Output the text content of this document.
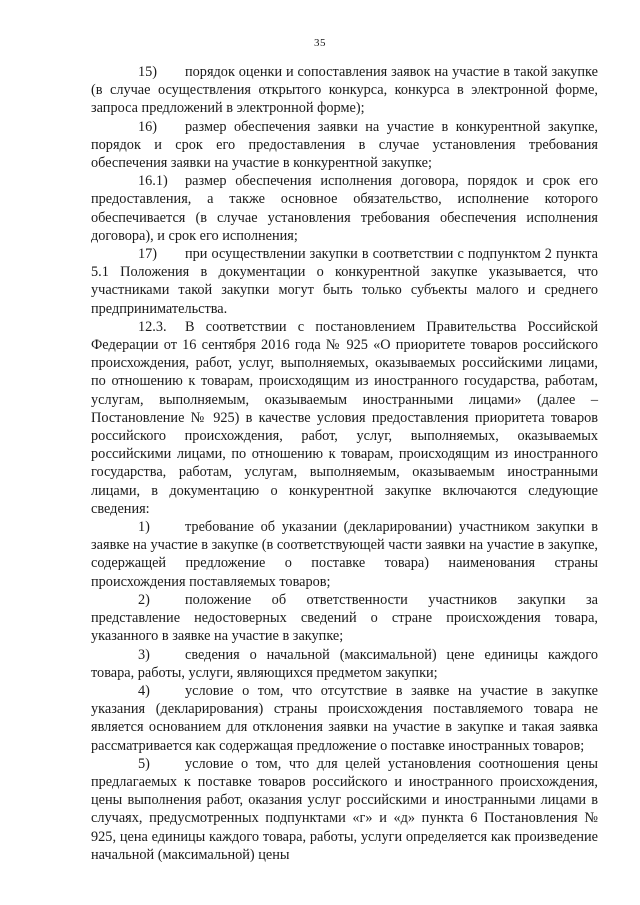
35

15) порядок оценки и сопоставления заявок на участие в такой закупке (в случае осуществления открытого конкурса, конкурса в электронной форме, запроса предложений в электронной форме);

16) размер обеспечения заявки на участие в конкурентной закупке, порядок и срок его предоставления в случае установления требования обеспечения заявки на участие в конкурентной закупке;

16.1) размер обеспечения исполнения договора, порядок и срок его предоставления, а также основное обязательство, исполнение которого обеспечивается (в случае установления требования обеспечения исполнения договора), и срок его исполнения;

17) при осуществлении закупки в соответствии с подпунктом 2 пункта 5.1 Положения в документации о конкурентной закупке указывается, что участниками такой закупки могут быть только субъекты малого и среднего предпринимательства.

12.3. В соответствии с постановлением Правительства Российской Федерации от 16 сентября 2016 года № 925 «О приоритете товаров российского происхождения, работ, услуг, выполняемых, оказываемых российскими лицами, по отношению к товарам, происходящим из иностранного государства, работам, услугам, выполняемым, оказываемым иностранными лицами» (далее – Постановление № 925) в качестве условия предоставления приоритета товаров российского происхождения, работ, услуг, выполняемых, оказываемых российскими лицами, по отношению к товарам, происходящим из иностранного государства, работам, услугам, выполняемым, оказываемым иностранными лицами, в документацию о конкурентной закупке включаются следующие сведения:

1) требование об указании (декларировании) участником закупки в заявке на участие в закупке (в соответствующей части заявки на участие в закупке, содержащей предложение о поставке товара) наименования страны происхождения поставляемых товаров;

2) положение об ответственности участников закупки за представление недостоверных сведений о стране происхождения товара, указанного в заявке на участие в закупке;

3) сведения о начальной (максимальной) цене единицы каждого товара, работы, услуги, являющихся предметом закупки;

4) условие о том, что отсутствие в заявке на участие в закупке указания (декларирования) страны происхождения поставляемого товара не является основанием для отклонения заявки на участие в закупке и такая заявка рассматривается как содержащая предложение о поставке иностранных товаров;

5) условие о том, что для целей установления соотношения цены предлагаемых к поставке товаров российского и иностранного происхождения, цены выполнения работ, оказания услуг российскими и иностранными лицами в случаях, предусмотренных подпунктами «г» и «д» пункта 6 Постановления № 925, цена единицы каждого товара, работы, услуги определяется как произведение начальной (максимальной) цены
